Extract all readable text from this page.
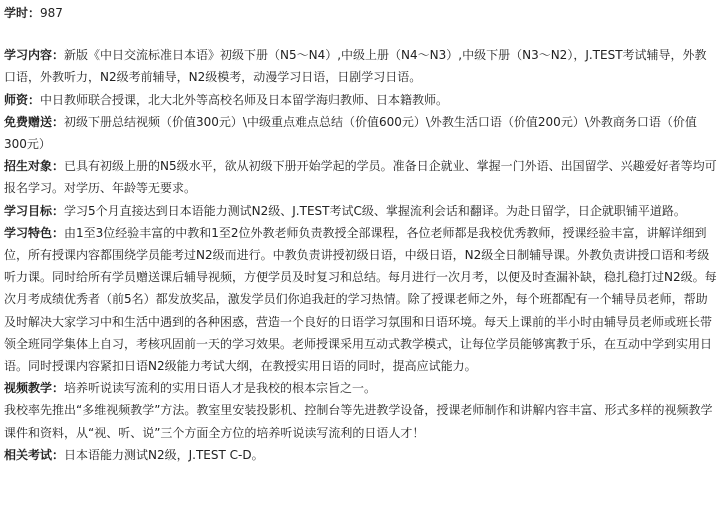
学时：987

学习内容：新版《中日交流标准日本语》初级下册（N5～N4）,中级上册（N4～N3）,中级下册（N3～N2），J.TEST考试辅导，外教口语，外教听力，N2级考前辅导，N2级模考，动漫学习日语，日剧学习日语。

师资：中日教师联合授课，北大北外等高校名师及日本留学海归教师、日本籍教师。

免费赠送：初级下册总结视频（价值300元）\中级重点难点总结（价值600元）\外教生活口语（价值200元）\外教商务口语（价值300元）

招生对象：已具有初级上册的N5级水平，欲从初级下册开始学起的学员。准备日企就业、掌握一门外语、出国留学、兴趣爱好者等均可报名学习。对学历、年龄等无要求。

学习目标：学习5个月直接达到日本语能力测试N2级、J.TEST考试C级、掌握流利会话和翻译。为赴日留学，日企就职铺平道路。

学习特色：由1至3位经验丰富的中教和1至2位外教老师负责教授全部课程，各位老师都是我校优秀教师，授课经验丰富，讲解详细到位，所有授课内容都围绕学员能考过N2级而进行。中教负责讲授初级日语，中级日语，N2级全日制辅导课。外教负责讲授口语和考级听力课。同时给所有学员赠送课后辅导视频，方便学员及时复习和总结。每月进行一次月考，以便及时查漏补缺，稳扎稳打过N2级。每次月考成绩优秀者（前5名）都发放奖品，激发学员们你追我赶的学习热情。除了授课老师之外，每个班都配有一个辅导员老师，帮助及时解决大家学习中和生活中遇到的各种困惑，营造一个良好的日语学习氛围和日语环境。每天上课前的半小时由辅导员老师或班长带领全班同学集体上自习，考核巩固前一天的学习效果。老师授课采用互动式教学模式，让每位学员能够寓教于乐，在互动中学到实用日语。同时授课内容紧扣日语N2级能力考试大纲，在教授实用日语的同时，提高应试能力。

视频教学：培养听说读写流利的实用日语人才是我校的根本宗旨之一。

我校率先推出“多维视频教学”方法。教室里安装投影机、控制台等先进教学设备，授课老师制作和讲解内容丰富、形式多样的视频教学课件和资料，从“视、听、说”三个方面全方位的培养听说读写流利的日语人才！

相关考试：日本语能力测试N2级，J.TEST C-D。
